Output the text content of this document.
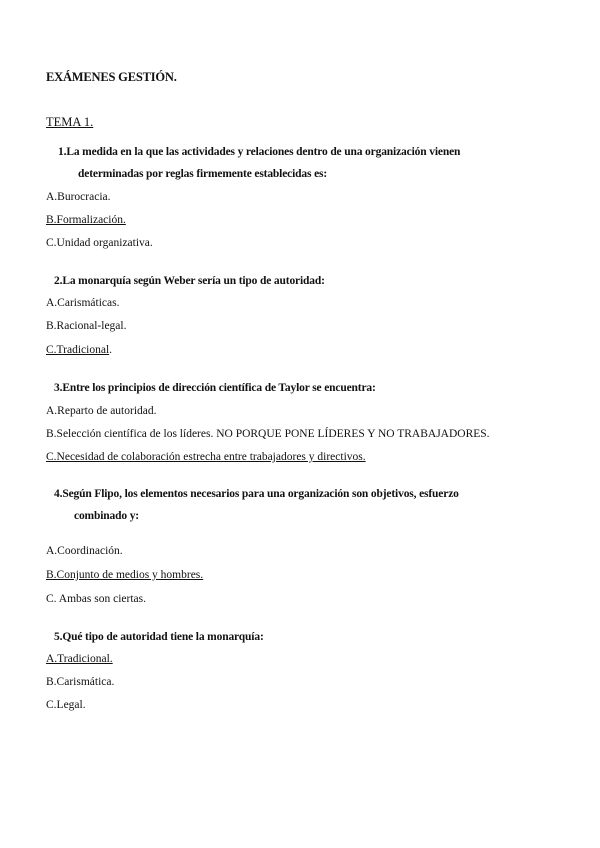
EXÁMENES GESTIÓN.
TEMA 1.
1.La medida en la que las actividades y relaciones dentro de una organización vienen
determinadas por reglas firmemente establecidas es:
A.Burocracia.
B.Formalización.
C.Unidad organizativa.
2.La monarquía según Weber sería un tipo de autoridad:
A.Carismáticas.
B.Racional-legal.
C.Tradicional.
3.Entre los principios de dirección científica de Taylor se encuentra:
A.Reparto de autoridad.
B.Selección científica de los líderes. NO PORQUE PONE LÍDERES Y NO TRABAJADORES.
C.Necesidad de colaboración estrecha entre trabajadores y directivos.
4.Según Flipo, los elementos necesarios para una organización son objetivos, esfuerzo
combinado y:
A.Coordinación.
B.Conjunto de medios y hombres.
C. Ambas son ciertas.
5.Qué tipo de autoridad tiene la monarquía:
A.Tradicional.
B.Carismática.
C.Legal.
